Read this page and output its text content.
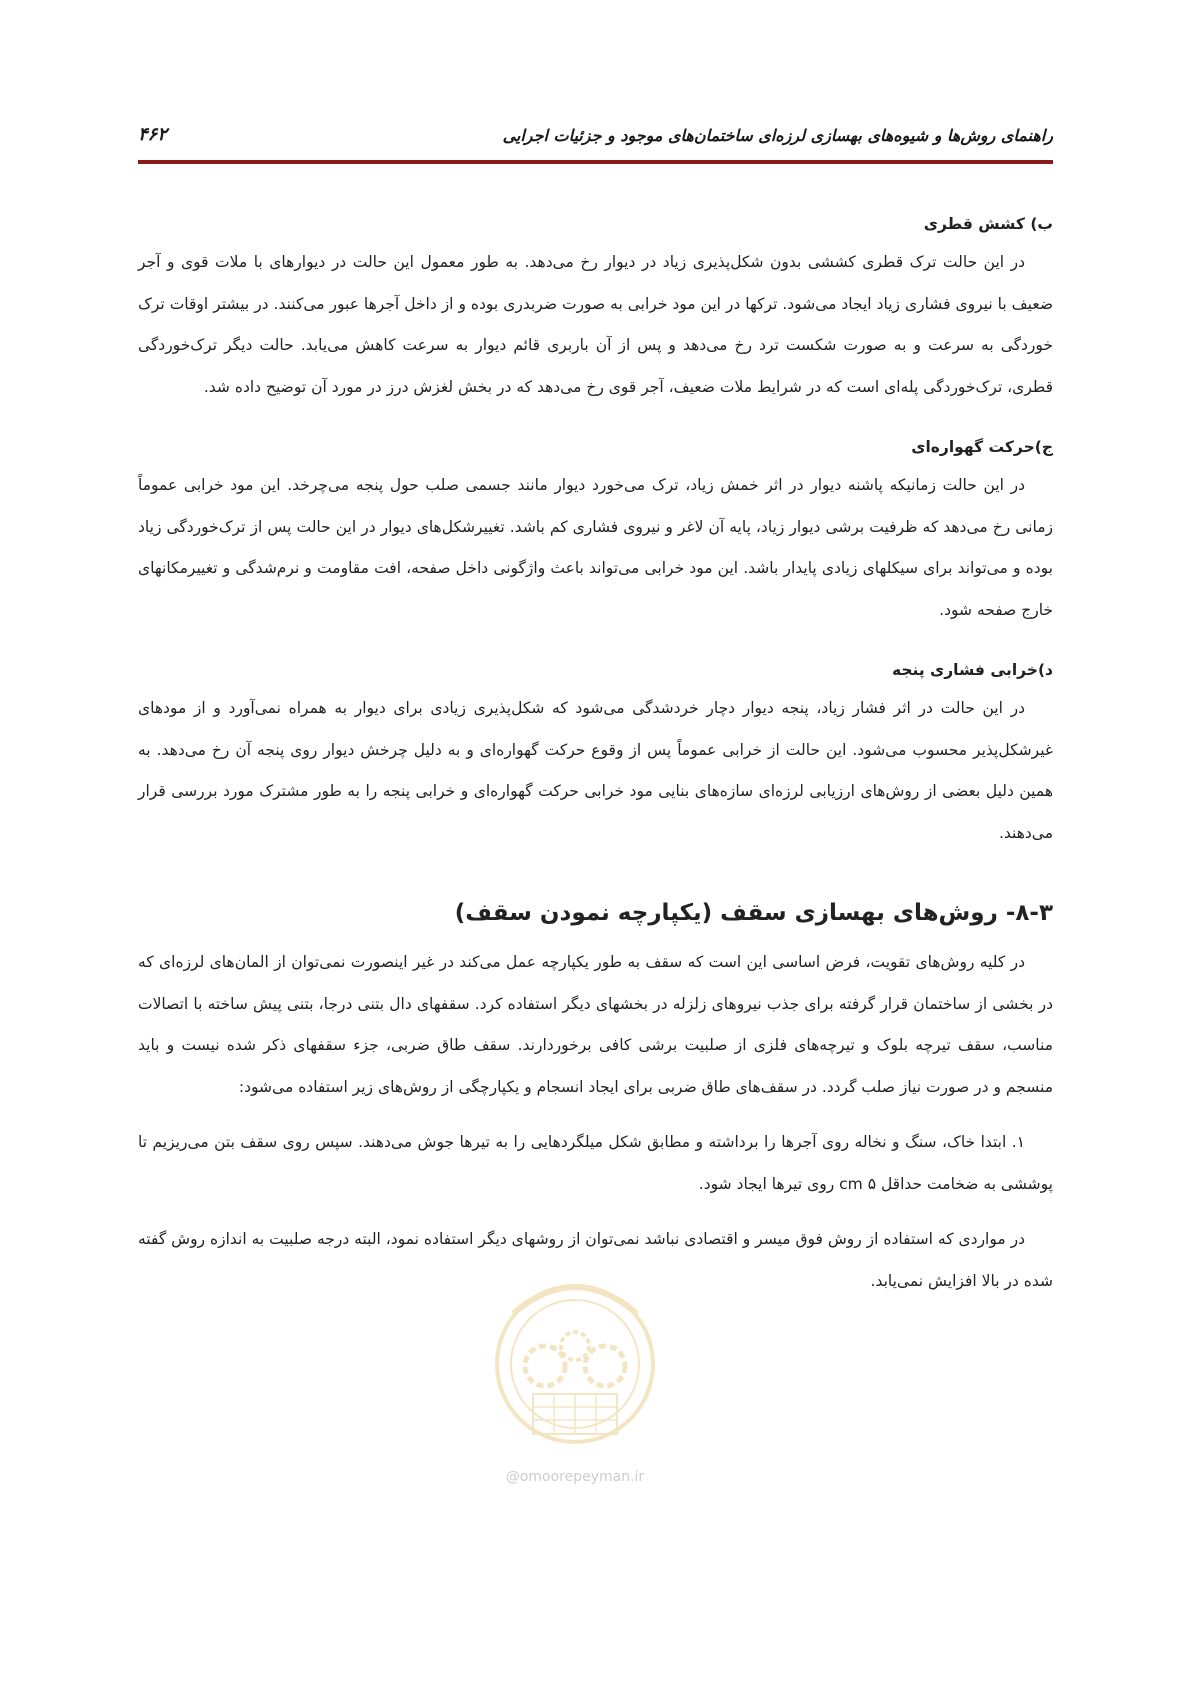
راهنمای روش‌ها و شیوه‌های بهسازی لرزه‌ای ساختمان‌های موجود و جزئیات اجرایی
۴۶۲
ب) کشش قطری

در این حالت ترک قطری کششی بدون شکل‌پذیری زیاد در دیوار رخ می‌دهد. به طور معمول این حالت در دیوارهای با ملات قوی و آجر ضعیف با نیروی فشاری زیاد ایجاد می‌شود. ترکها در این مود خرابی به صورت ضربدری بوده و از داخل آجرها عبور می‌کنند. در بیشتر اوقات ترک خوردگی به سرعت و به صورت شکست ترد رخ می‌دهد و پس از آن باربری قائم دیوار به سرعت کاهش می‌یابد. حالت دیگر ترک‌خوردگی قطری، ترک‌خوردگی پله‌ای است که در شرایط ملات ضعیف، آجر قوی رخ می‌دهد که در بخش لغزش درز در مورد آن توضیح داده شد.

ج)حرکت گهواره‌ای

در این حالت زمانیکه پاشنه دیوار در اثر خمش زیاد، ترک می‌خورد دیوار مانند جسمی صلب حول پنجه می‌چرخد. این مود خرابی عموماً زمانی رخ می‌دهد که ظرفیت برشی دیوار زیاد، پایه آن لاغر و نیروی فشاری کم باشد. تغییرشکل‌های دیوار در این حالت پس از ترک‌خوردگی زیاد بوده و می‌تواند برای سیکلهای زیادی پایدار باشد. این مود خرابی می‌تواند باعث واژگونی داخل صفحه، افت مقاومت و نرم‌شدگی و تغییرمکانهای خارج صفحه شود.

د)خرابی فشاری پنجه

در این حالت در اثر فشار زیاد، پنجه دیوار دچار خردشدگی می‌شود که شکل‌پذیری زیادی برای دیوار به همراه نمی‌آورد و از مودهای غیرشکل‌پذیر محسوب می‌شود. این حالت از خرابی عموماً پس از وقوع حرکت گهواره‌ای و به دلیل چرخش دیوار روی پنجه آن رخ می‌دهد. به همین دلیل بعضی از روش‌های ارزیابی لرزه‌ای سازه‌های بنایی مود خرابی حرکت گهواره‌ای و خرابی پنجه را به طور مشترک مورد بررسی قرار می‌دهند.

۸-۳- روش‌های بهسازی سقف (یکپارچه نمودن سقف)

در کلیه روش‌های تقویت، فرض اساسی این است که سقف به طور یکپارچه عمل می‌کند در غیر اینصورت نمی‌توان از المان‌های لرزه‌ای که در بخشی از ساختمان قرار گرفته برای جذب نیروهای زلزله در بخشهای دیگر استفاده کرد. سقفهای دال بتنی درجا، بتنی پیش ساخته با اتصالات مناسب، سقف تیرچه بلوک و تیرچه‌های فلزی از صلبیت برشی کافی برخوردارند. سقف طاق ضربی، جزء سقفهای ذکر شده نیست و باید منسجم و در صورت نیاز صلب گردد. در سقف‌های طاق ضربی برای ایجاد انسجام و یکپارچگی از روش‌های زیر استفاده می‌شود:

۱. ابتدا خاک، سنگ و نخاله روی آجرها را برداشته و مطابق شکل میلگردهایی را به تیرها جوش می‌دهند. سپس روی سقف بتن می‌ریزیم تا پوششی به ضخامت حداقل ۵ cm روی تیرها ایجاد شود.

در مواردی که استفاده از روش فوق میسر و اقتصادی نباشد نمی‌توان از روشهای دیگر استفاده نمود، البته درجه صلبیت به اندازه روش گفته شده در بالا افزایش نمی‌یابد.

@omoorepeyman.ir
